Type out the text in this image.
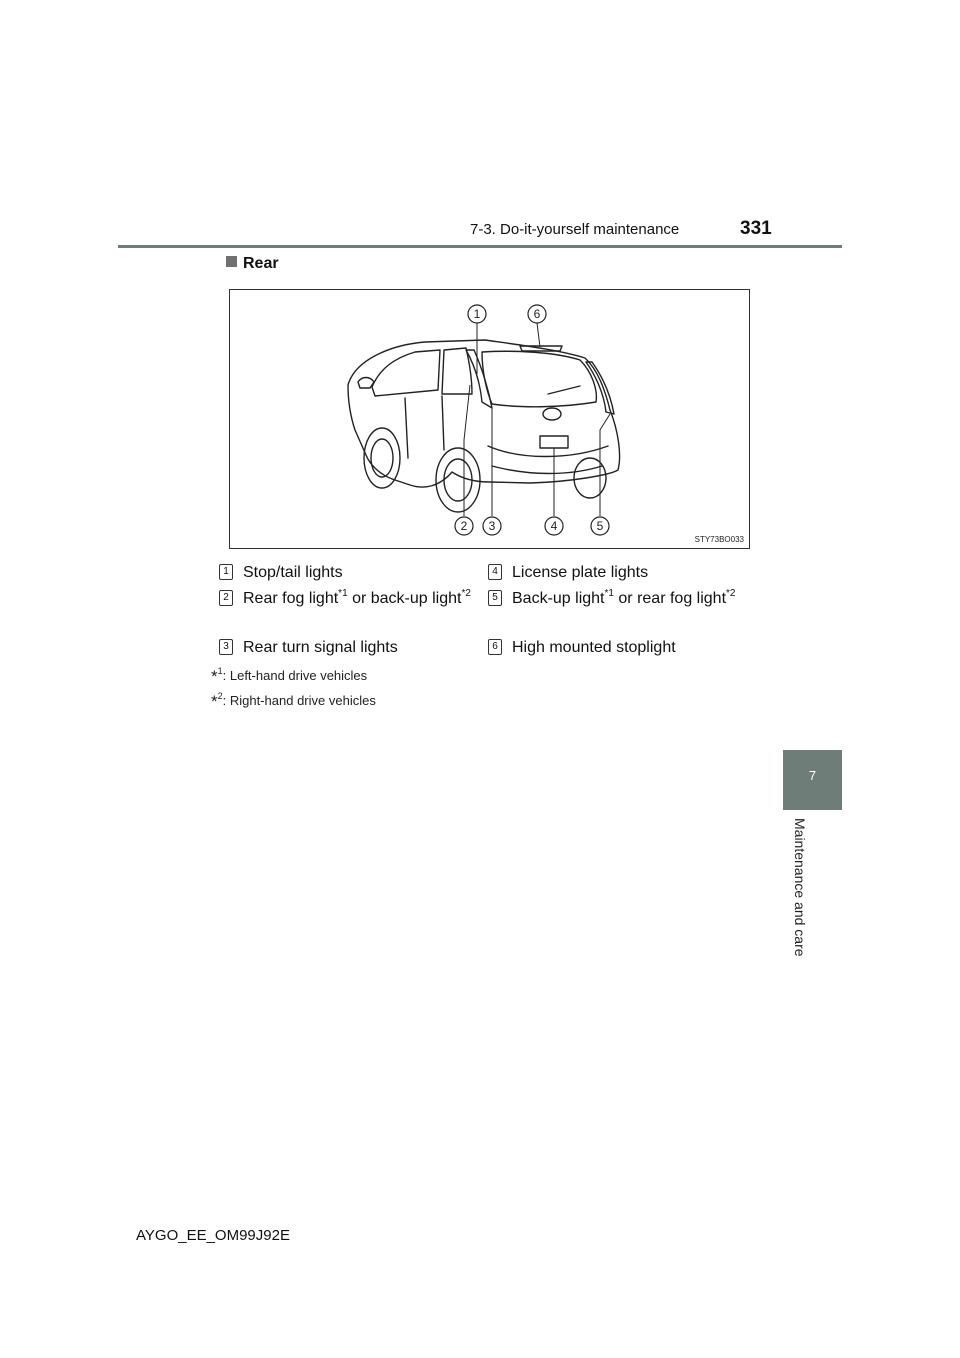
7-3. Do-it-yourself maintenance	331
7
Maintenance and care
Rear
1	6
2 3	4	5
STY73BO033
1 Stop/tail lights
2 Rear fog light$^{*1}$ or back-up light$^{*2}$
3 Rear turn signal lights
4 License plate lights
5 Back-up light$^{*1}$ or rear fog light$^{*2}$
6 High mounted stoplight
*$^1$: Left-hand drive vehicles
*$^2$: Right-hand drive vehicles
AYGO_EE_OM99J92E
